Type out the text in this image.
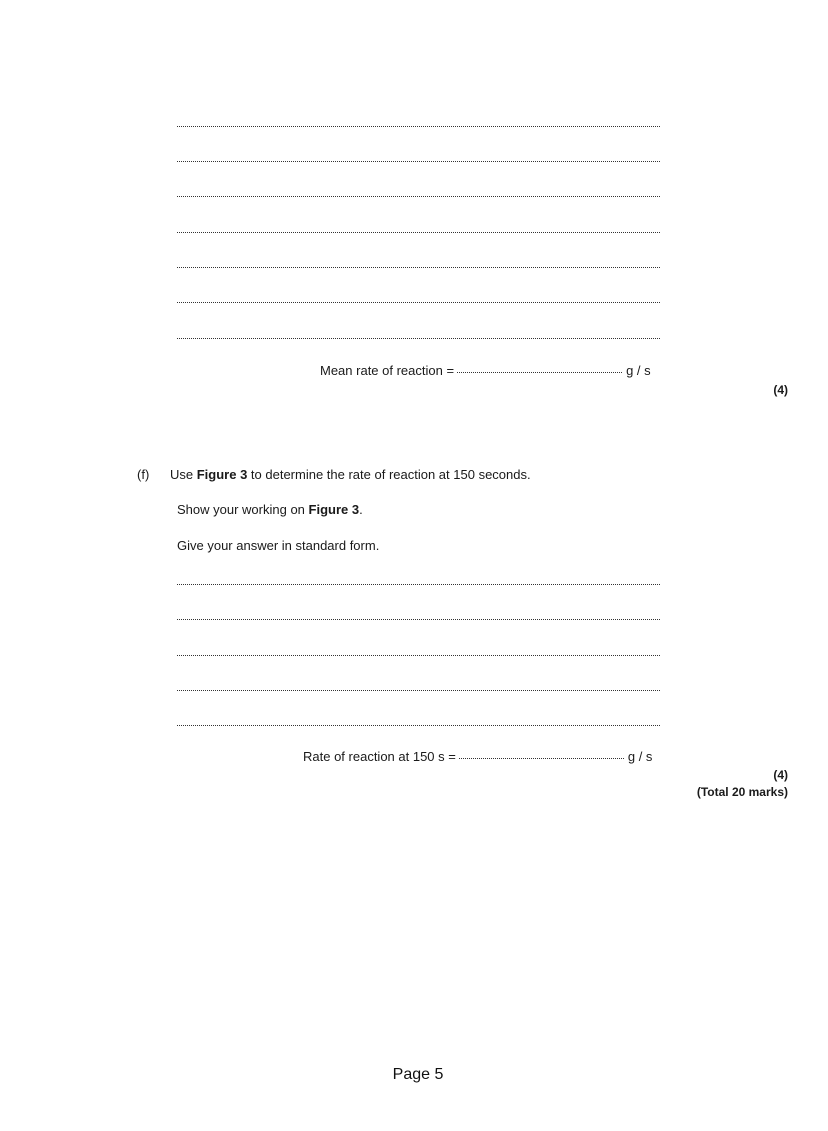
Mean rate of reaction =	g / s
(4)
(f) Use Figure 3 to determine the rate of reaction at 150 seconds.
Show your working on Figure 3.
Give your answer in standard form.
Rate of reaction at 150 s =	g / s
(4)
(Total 20 marks)
Page 5
